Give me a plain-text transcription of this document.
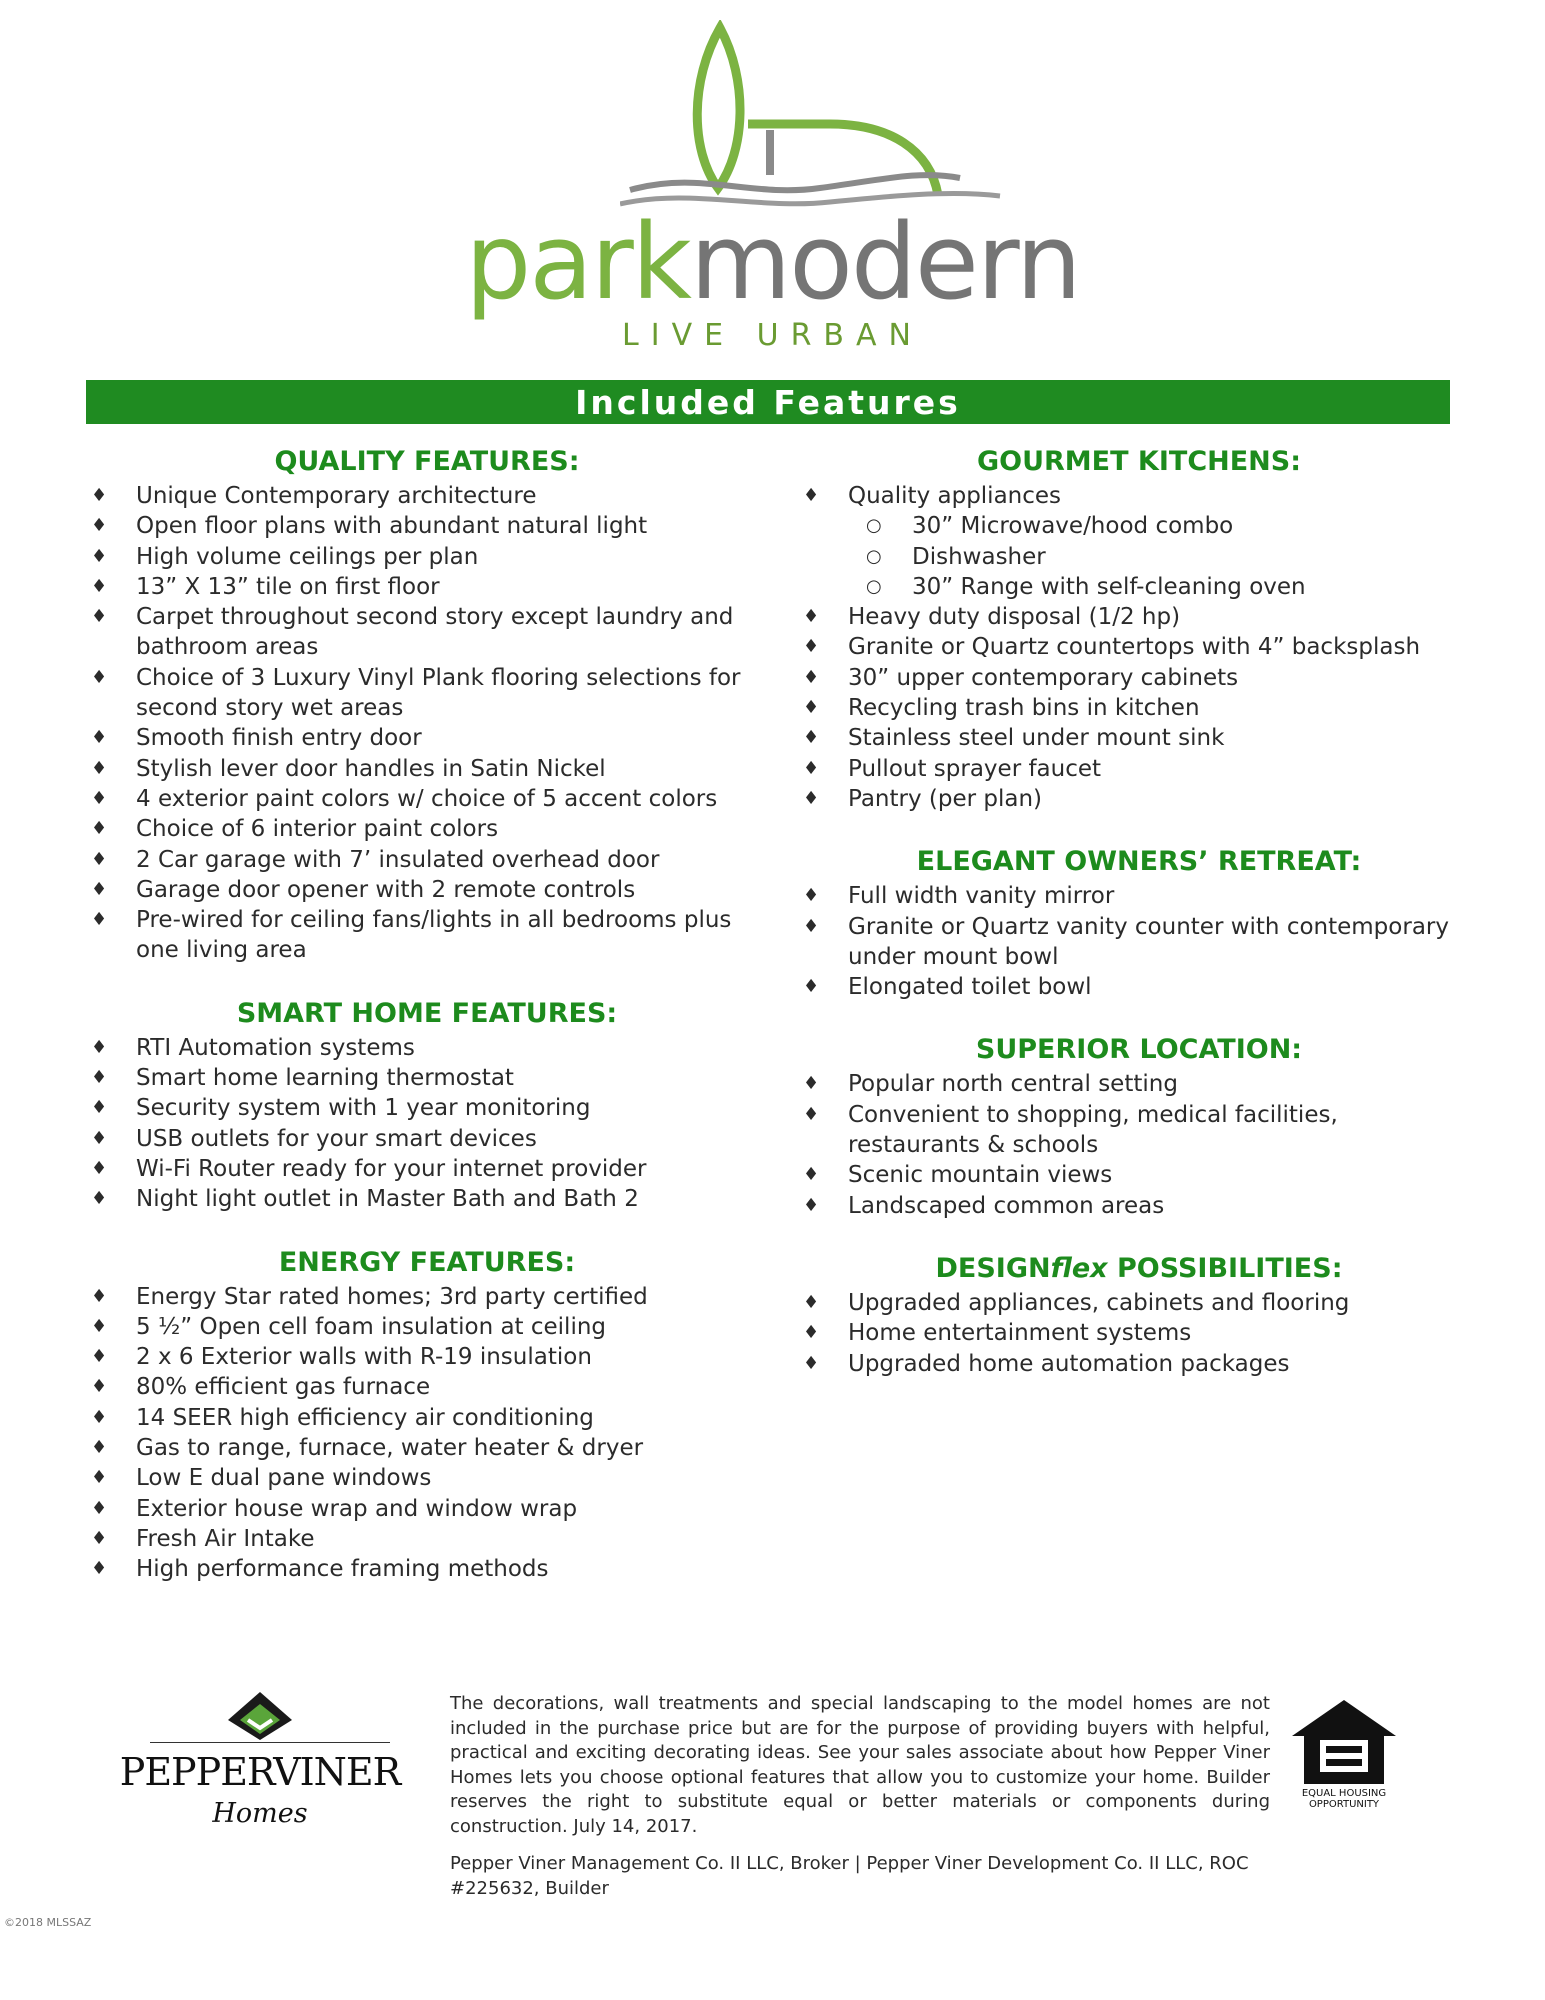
parkmodern
LIVE URBAN
Included Features
QUALITY FEATURES:
♦ Unique Contemporary architecture
♦ Open floor plans with abundant natural light
♦ High volume ceilings per plan
♦ 13” X 13” tile on first floor
♦ Carpet throughout second story except laundry and bathroom areas
♦ Choice of 3 Luxury Vinyl Plank flooring selections for second story wet areas
♦ Smooth finish entry door
♦ Stylish lever door handles in Satin Nickel
♦ 4 exterior paint colors w/ choice of 5 accent colors
♦ Choice of 6 interior paint colors
♦ 2 Car garage with 7’ insulated overhead door
♦ Garage door opener with 2 remote controls
♦ Pre-wired for ceiling fans/lights in all bedrooms plus one living area
SMART HOME FEATURES:
♦ RTI Automation systems
♦ Smart home learning thermostat
♦ Security system with 1 year monitoring
♦ USB outlets for your smart devices
♦ Wi-Fi Router ready for your internet provider
♦ Night light outlet in Master Bath and Bath 2
ENERGY FEATURES:
♦ Energy Star rated homes; 3rd party certified
♦ 5 ½” Open cell foam insulation at ceiling
♦ 2 x 6 Exterior walls with R-19 insulation
♦ 80% efficient gas furnace
♦ 14 SEER high efficiency air conditioning
♦ Gas to range, furnace, water heater & dryer
♦ Low E dual pane windows
♦ Exterior house wrap and window wrap
♦ Fresh Air Intake
♦ High performance framing methods
GOURMET KITCHENS:
♦ Quality appliances
○ 30” Microwave/hood combo
○ Dishwasher
○ 30” Range with self-cleaning oven
♦ Heavy duty disposal (1/2 hp)
♦ Granite or Quartz countertops with 4” backsplash
♦ 30” upper contemporary cabinets
♦ Recycling trash bins in kitchen
♦ Stainless steel under mount sink
♦ Pullout sprayer faucet
♦ Pantry (per plan)
ELEGANT OWNERS’ RETREAT:
♦ Full width vanity mirror
♦ Granite or Quartz vanity counter with contemporary under mount bowl
♦ Elongated toilet bowl
SUPERIOR LOCATION:
♦ Popular north central setting
♦ Convenient to shopping, medical facilities, restaurants & schools
♦ Scenic mountain views
♦ Landscaped common areas
DESIGNflex POSSIBILITIES:
♦ Upgraded appliances, cabinets and flooring
♦ Home entertainment systems
♦ Upgraded home automation packages
PEPPERVINER
Homes
The decorations, wall treatments and special landscaping to the model homes are not included in the purchase price but are for the purpose of providing buyers with helpful, practical and exciting decorating ideas. See your sales associate about how Pepper Viner Homes lets you choose optional features that allow you to customize your home. Builder reserves the right to substitute equal or better materials or components during construction. July 14, 2017.
Pepper Viner Management Co. II LLC, Broker | Pepper Viner Development Co. II LLC, ROC #225632, Builder
EQUAL HOUSING
OPPORTUNITY
©2018 MLSSAZ
